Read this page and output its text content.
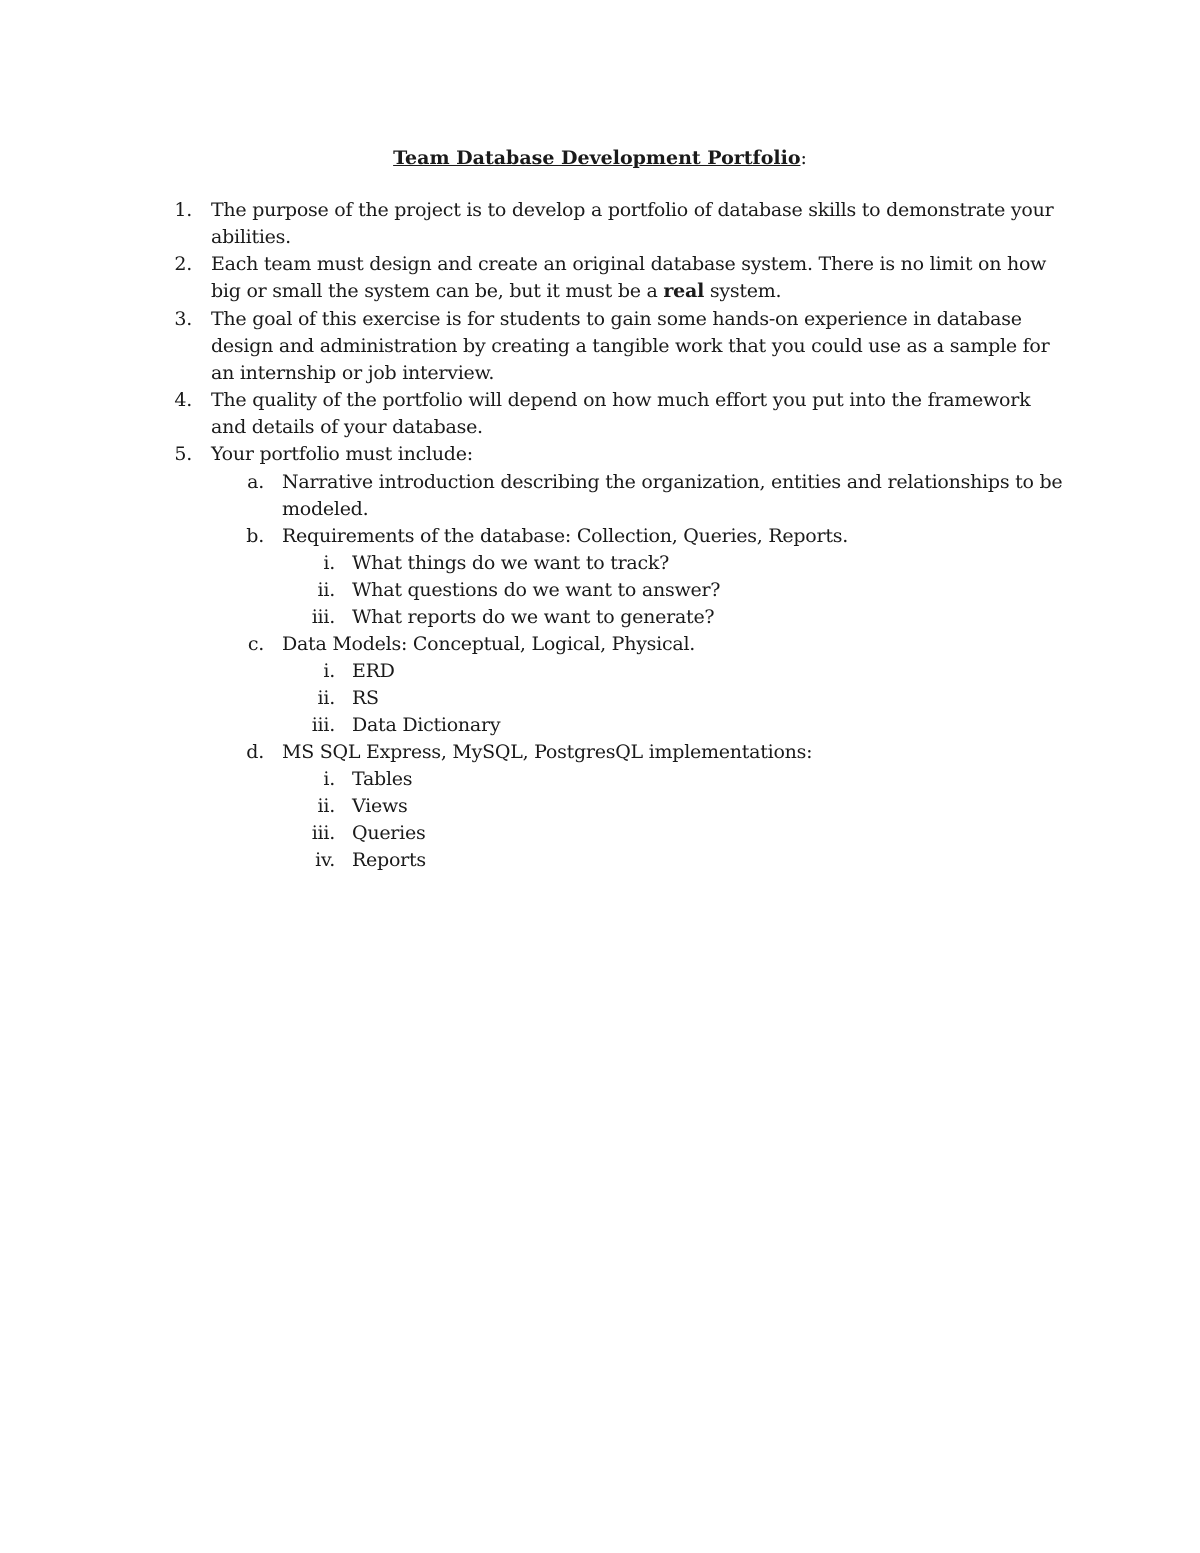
Team Database Development Portfolio:
1. The purpose of the project is to develop a portfolio of database skills to demonstrate your
abilities.
2. Each team must design and create an original database system. There is no limit on how
big or small the system can be, but it must be a real system.
3. The goal of this exercise is for students to gain some hands-on experience in database
design and administration by creating a tangible work that you could use as a sample for
an internship or job interview.
4. The quality of the portfolio will depend on how much effort you put into the framework
and details of your database.
5. Your portfolio must include:
a. Narrative introduction describing the organization, entities and relationships to be
modeled.
b. Requirements of the database: Collection, Queries, Reports.
i. What things do we want to track?
ii. What questions do we want to answer?
iii. What reports do we want to generate?
c. Data Models: Conceptual, Logical, Physical.
i. ERD
ii. RS
iii. Data Dictionary
d. MS SQL Express, MySQL, PostgresQL implementations:
i. Tables
ii. Views
iii. Queries
iv. Reports
